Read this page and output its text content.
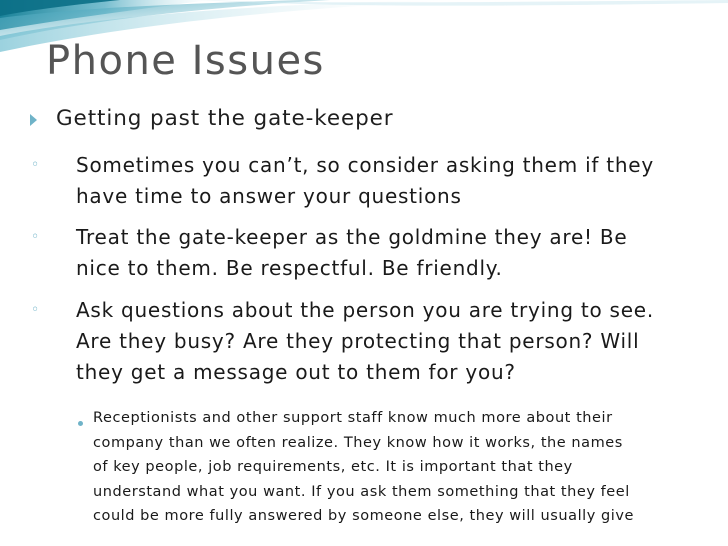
Phone Issues
Getting past the gate-keeper
◦ Sometimes you can’t, so consider asking them if they
have time to answer your questions
◦ Treat the gate-keeper as the goldmine they are! Be
nice to them. Be respectful. Be friendly.
◦ Ask questions about the person you are trying to see.
Are they busy? Are they protecting that person? Will
they get a message out to them for you?
Receptionists and other support staff know much more about their
company than we often realize. They know how it works, the names
of key people, job requirements, etc. It is important that they
understand what you want. If you ask them something that they feel
could be more fully answered by someone else, they will usually give
